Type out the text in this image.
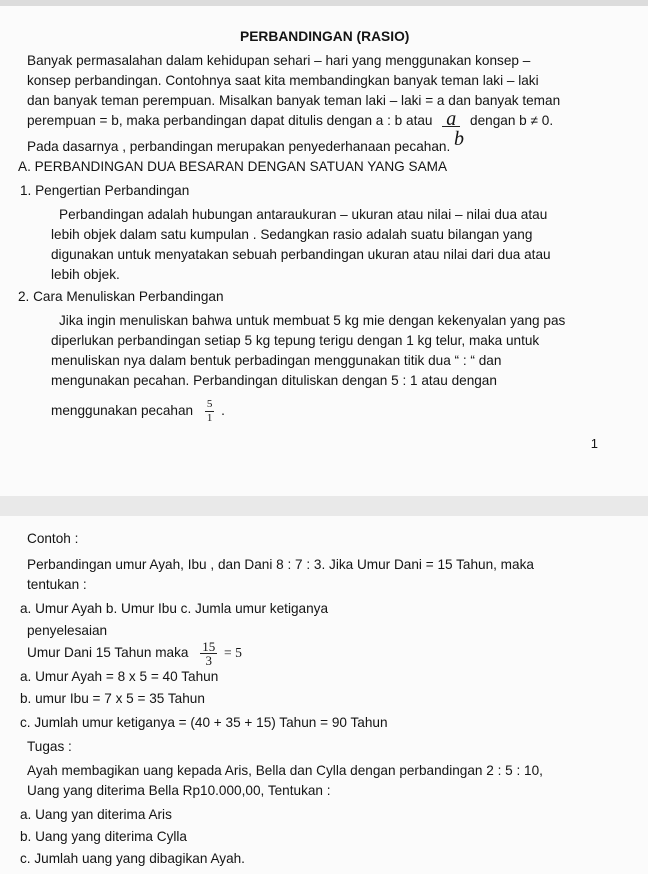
PERBANDINGAN (RASIO)
Banyak permasalahan dalam kehidupan sehari – hari yang menggunakan konsep –
konsep perbandingan. Contohnya saat kita membandingkan banyak teman laki – laki
dan banyak teman perempuan. Misalkan banyak teman laki – laki = a dan banyak teman
perempuan = b, maka perbandingan dapat ditulis dengan a : b atau a dengan b ≠ 0.
Pada dasarnya , perbandingan merupakan penyederhanaan pecahan. b
A. PERBANDINGAN DUA BESARAN DENGAN SATUAN YANG SAMA
1. Pengertian Perbandingan
Perbandingan adalah hubungan antaraukuran – ukuran atau nilai – nilai dua atau
lebih objek dalam satu kumpulan . Sedangkan rasio adalah suatu bilangan yang
digunakan untuk menyatakan sebuah perbandingan ukuran atau nilai dari dua atau
lebih objek.
2. Cara Menuliskan Perbandingan
Jika ingin menuliskan bahwa untuk membuat 5 kg mie dengan kekenyalan yang pas
diperlukan perbandingan setiap 5 kg tepung terigu dengan 1 kg telur, maka untuk
menuliskan nya dalam bentuk perbadingan menggunakan titik dua “ : “ dan
mengunakan pecahan. Perbandingan dituliskan dengan 5 : 1 atau dengan
menggunakan pecahan $\frac{5}{1}$ .
1
Contoh :
Perbandingan umur Ayah, Ibu , dan Dani 8 : 7 : 3. Jika Umur Dani = 15 Tahun, maka
tentukan :
a. Umur Ayah b. Umur Ibu c. Jumla umur ketiganya
penyelesaian
Umur Dani 15 Tahun maka $\frac{15}{3} = 5$
a. Umur Ayah = 8 x 5 = 40 Tahun
b. umur Ibu = 7 x 5 = 35 Tahun
c. Jumlah umur ketiganya = (40 + 35 + 15) Tahun = 90 Tahun
Tugas :
Ayah membagikan uang kepada Aris, Bella dan Cylla dengan perbandingan 2 : 5 : 10,
Uang yang diterima Bella Rp10.000,00, Tentukan :
a. Uang yan diterima Aris
b. Uang yang diterima Cylla
c. Jumlah uang yang dibagikan Ayah.
